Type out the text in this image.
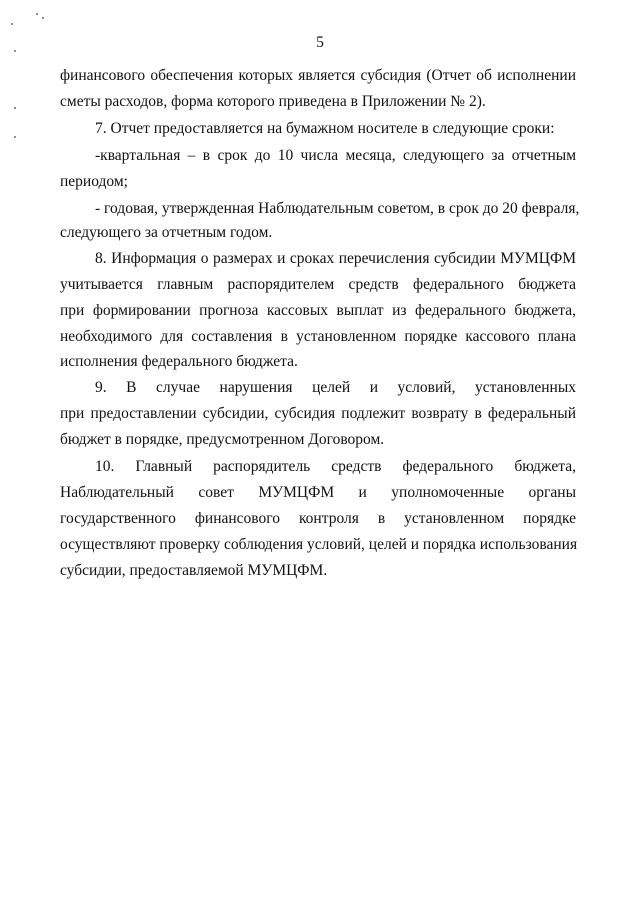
5
финансового обеспечения которых является субсидия (Отчет об исполнении
сметы расходов, форма которого приведена в Приложении № 2).
7. Отчет предоставляется на бумажном носителе в следующие сроки:
-квартальная – в срок до 10 числа месяца, следующего за отчетным
периодом;
- годовая, утвержденная Наблюдательным советом, в срок до 20 февраля,
следующего за отчетным годом.
8. Информация о размерах и сроках перечисления субсидии МУМЦФМ
учитывается главным распорядителем средств федерального бюджета
при формировании прогноза кассовых выплат из федерального бюджета,
необходимого для составления в установленном порядке кассового плана
исполнения федерального бюджета.
9. В случае нарушения целей и условий, установленных
при предоставлении субсидии, субсидия подлежит возврату в федеральный
бюджет в порядке, предусмотренном Договором.
10. Главный распорядитель средств федерального бюджета,
Наблюдательный совет МУМЦФМ и уполномоченные органы
государственного финансового контроля в установленном порядке
осуществляют проверку соблюдения условий, целей и порядка использования
субсидии, предоставляемой МУМЦФМ.
